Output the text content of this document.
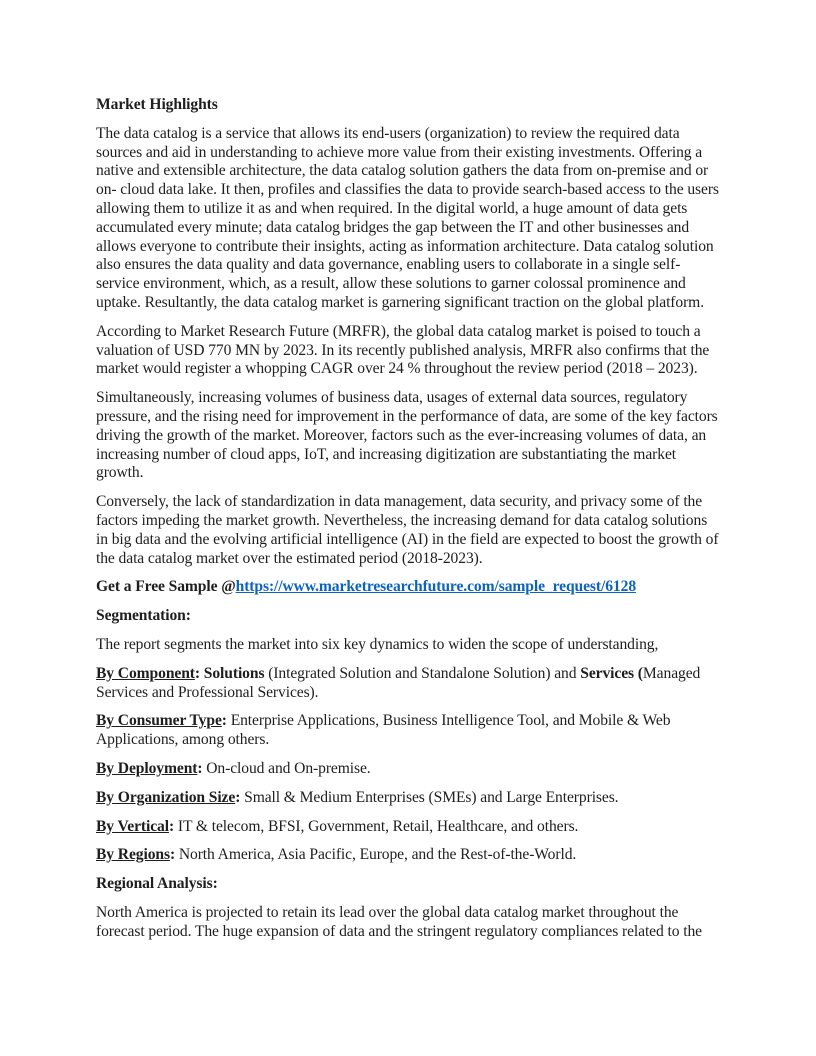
Market Highlights

The data catalog is a service that allows its end-users (organization) to review the required data sources and aid in understanding to achieve more value from their existing investments. Offering a native and extensible architecture, the data catalog solution gathers the data from on-premise and or on- cloud data lake. It then, profiles and classifies the data to provide search-based access to the users allowing them to utilize it as and when required. In the digital world, a huge amount of data gets accumulated every minute; data catalog bridges the gap between the IT and other businesses and allows everyone to contribute their insights, acting as information architecture. Data catalog solution also ensures the data quality and data governance, enabling users to collaborate in a single self-service environment, which, as a result, allow these solutions to garner colossal prominence and uptake. Resultantly, the data catalog market is garnering significant traction on the global platform.

According to Market Research Future (MRFR), the global data catalog market is poised to touch a valuation of USD 770 MN by 2023. In its recently published analysis, MRFR also confirms that the market would register a whopping CAGR over 24 % throughout the review period (2018 – 2023).

Simultaneously, increasing volumes of business data, usages of external data sources, regulatory pressure, and the rising need for improvement in the performance of data, are some of the key factors driving the growth of the market. Moreover, factors such as the ever-increasing volumes of data, an increasing number of cloud apps, IoT, and increasing digitization are substantiating the market growth.

Conversely, the lack of standardization in data management, data security, and privacy some of the factors impeding the market growth. Nevertheless, the increasing demand for data catalog solutions in big data and the evolving artificial intelligence (AI) in the field are expected to boost the growth of the data catalog market over the estimated period (2018-2023).

Get a Free Sample @https://www.marketresearchfuture.com/sample_request/6128

Segmentation:

The report segments the market into six key dynamics to widen the scope of understanding,

By Component: Solutions (Integrated Solution and Standalone Solution) and Services (Managed Services and Professional Services).

By Consumer Type: Enterprise Applications, Business Intelligence Tool, and Mobile & Web Applications, among others.

By Deployment: On-cloud and On-premise.

By Organization Size: Small & Medium Enterprises (SMEs) and Large Enterprises.

By Vertical: IT & telecom, BFSI, Government, Retail, Healthcare, and others.

By Regions: North America, Asia Pacific, Europe, and the Rest-of-the-World.

Regional Analysis:

North America is projected to retain its lead over the global data catalog market throughout the forecast period. The huge expansion of data and the stringent regulatory compliances related to the
